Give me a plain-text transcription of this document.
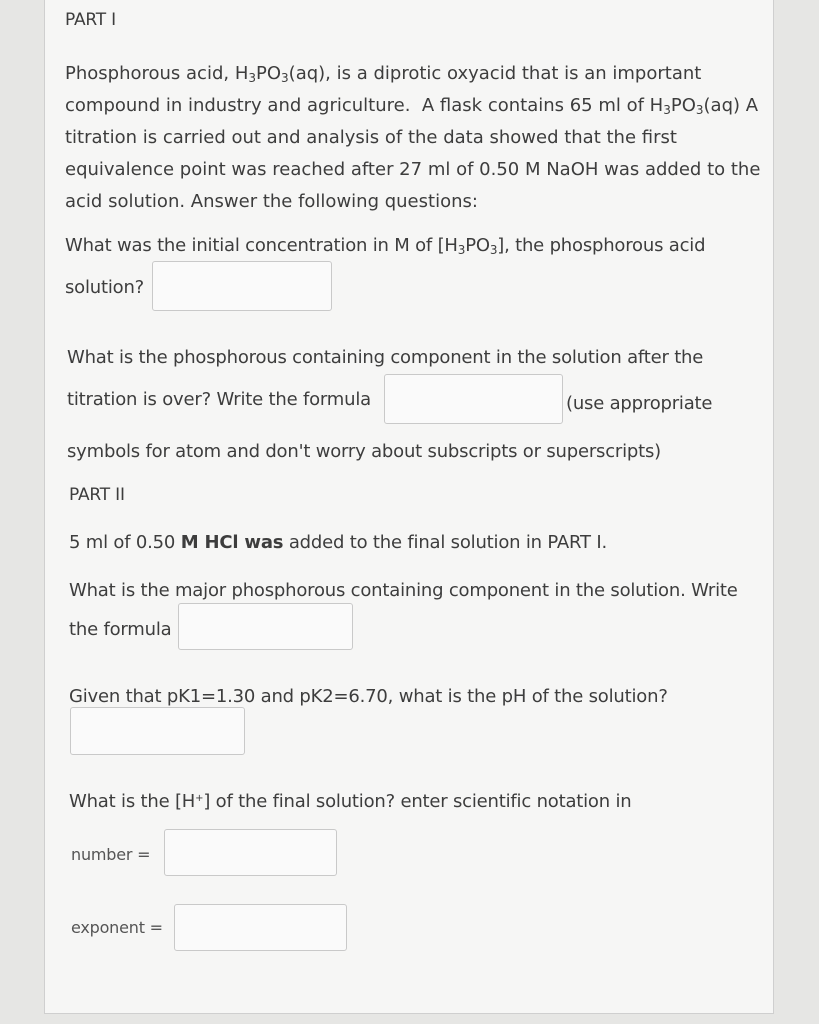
PART I
Phosphorous acid, $H_3PO_3(aq)$, is a diprotic oxyacid that is an important
compound in industry and agriculture.  A flask contains 65 ml of $H_3PO_3(aq)$ A
titration is carried out and analysis of the data showed that the first
equivalence point was reached after 27 ml of 0.50 M NaOH was added to the
acid solution. Answer the following questions:
What was the initial concentration in M of $[H_3PO_3]$, the phosphorous acid
solution?
What is the phosphorous containing component in the solution after the
titration is over? Write the formula	(use appropriate
symbols for atom and don't worry about subscripts or superscripts)
PART II
5 ml of 0.50 M HCl was added to the final solution in PART I.
What is the major phosphorous containing component in the solution. Write
the formula
Given that pK1=1.30 and pK2=6.70, what is the pH of the solution?
What is the [H+] of the final solution? enter scientific notation in
number =
exponent =
